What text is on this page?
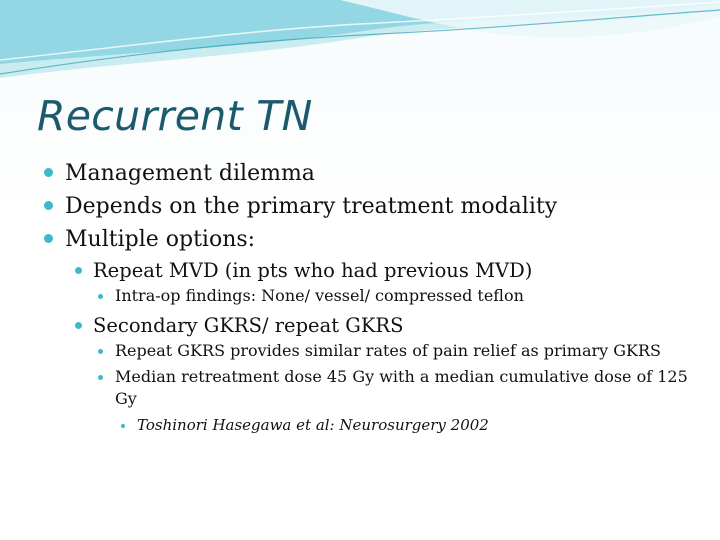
Recurrent TN
Management dilemma
Depends on the primary treatment modality
Multiple options:
Repeat MVD (in pts who had previous MVD)
Intra-op findings: None/ vessel/ compressed teflon
Secondary GKRS/ repeat GKRS
Repeat GKRS provides similar rates of pain relief as primary GKRS
Median retreatment dose 45 Gy with a median cumulative dose of 125 Gy
Toshinori Hasegawa et al: Neurosurgery 2002
